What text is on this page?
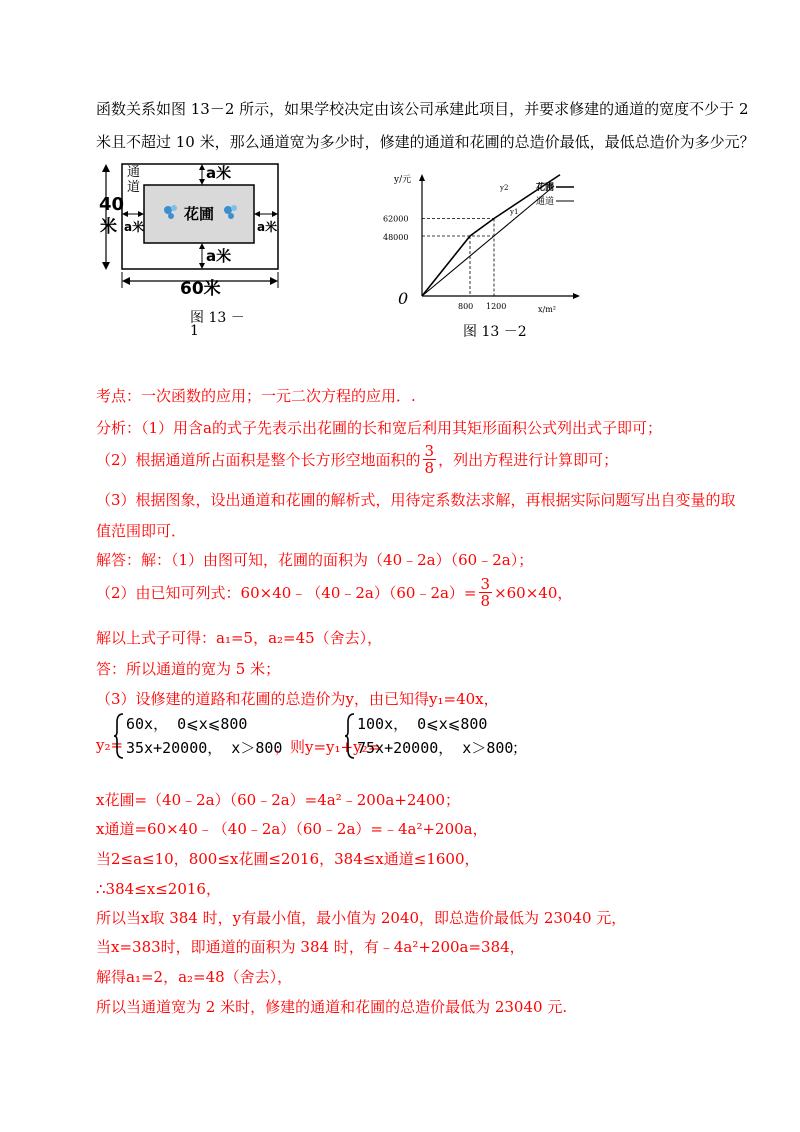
函数关系如图 13－2 所示，如果学校决定由该公司承建此项目，并要求修建的通道的宽度不少于 2
米且不超过 10 米，那么通道宽为多少时，修建的通道和花圃的总造价最低，最低总造价为多少元？
通
道
40
米
a米
a米
a米	a米
花圃
60米
图 13 －
1
y/元
x/m²
0
y2
y1
花圃
通道
62000
48000
800 1200
图 13 －2
考点：一次函数的应用；一元二次方程的应用．.
分析：（1）用含a的式子先表示出花圃的长和宽后利用其矩形面积公式列出式子即可；
（2）根据通道所占面积是整个长方形空地面积的 $\frac{3}{8}$ ，列出方程进行计算即可；
（3）根据图象，设出通道和花圃的解析式，用待定系数法求解，再根据实际问题写出自变量的取
值范围即可．
解答：解：（1）由图可知，花圃的面积为（40﹣2a）（60﹣2a）；
（2）由已知可列式：60×40﹣（40﹣2a）（60﹣2a）= $\frac{3}{8} \times 60\times 40$，
解以上式子可得：a₁=5，a₂=45（舍去），
答：所以通道的宽为 5 米；
（3）设修建的道路和花圃的总造价为y，由已知得y₁=40x，
y₂=
60x， 0⩽x⩽800
35x+20000， x＞800
，则y=y₁+y₂=
100x， 0⩽x⩽800
75x+20000， x＞800
；
x花圃=（40﹣2a）（60﹣2a）=4a²﹣200a+2400；
x通道=60×40﹣（40﹣2a）（60﹣2a）=﹣4a²+200a，
当2≤a≤10，800≤x花圃≤2016，384≤x通道≤1600，
∴384≤x≤2016，
所以当x取 384 时，y有最小值，最小值为 2040，即总造价最低为 23040 元，
当x=383时，即通道的面积为 384 时，有﹣4a²+200a=384，
解得a₁=2，a₂=48（舍去），
所以当通道宽为 2 米时，修建的通道和花圃的总造价最低为 23040 元.
